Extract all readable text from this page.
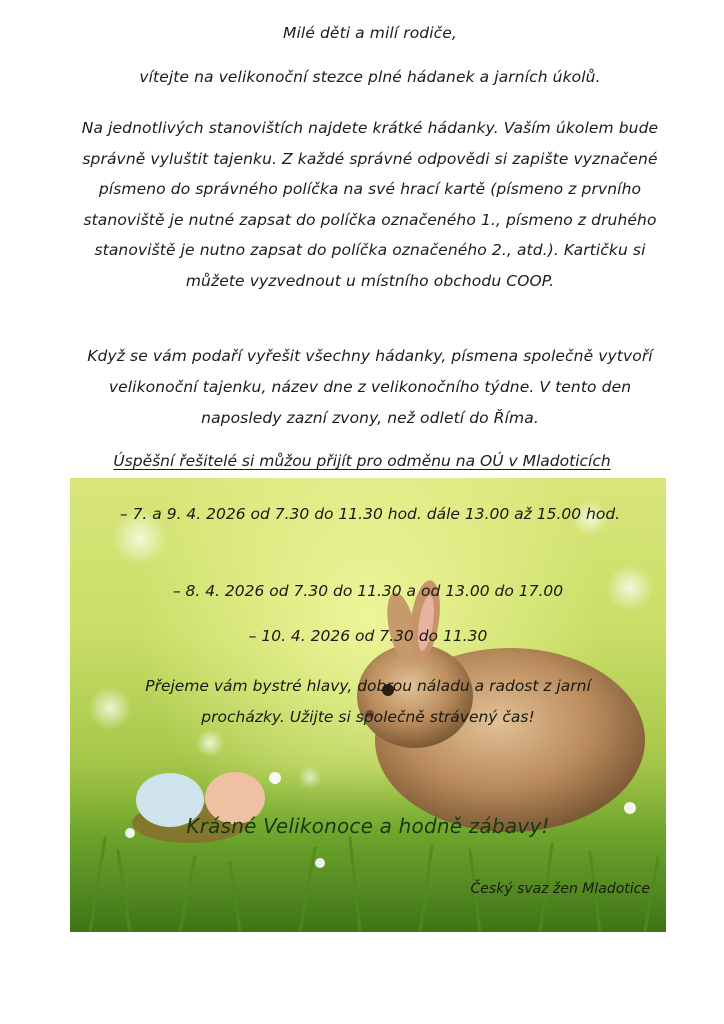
Milé děti a milí rodiče,
vítejte na velikonoční stezce plné hádanek a jarních úkolů.
Na jednotlivých stanovištích najdete krátké hádanky. Vaším úkolem bude správně vyluštit tajenku. Z každé správné odpovědi si zapište vyznačené písmeno do správného políčka na své hrací kartě (písmeno z prvního stanoviště je nutné zapsat do políčka označeného 1., písmeno z druhého stanoviště je nutno zapsat do políčka označeného 2., atd.). Kartičku si můžete vyzvednout u místního obchodu COOP.
Když se vám podaří vyřešit všechny hádanky, písmena společně vytvoří velikonoční tajenku, název dne z velikonočního týdne. V tento den naposledy zazní zvony, než odletí do Říma.
Úspěšní řešitelé si můžou přijít pro odměnu na OÚ v Mladoticích
– 7. a 9. 4. 2026 od 7.30 do 11.30 hod. dále 13.00 až 15.00 hod.
– 8. 4. 2026 od 7.30 do 11.30 a od 13.00 do 17.00
– 10. 4. 2026 od 7.30 do 11.30
Přejeme vám bystré hlavy, dobrou náladu a radost z jarní procházky. Užijte si společně strávený čas!
Krásné Velikonoce a hodně zábavy!
Český svaz žen Mladotice
